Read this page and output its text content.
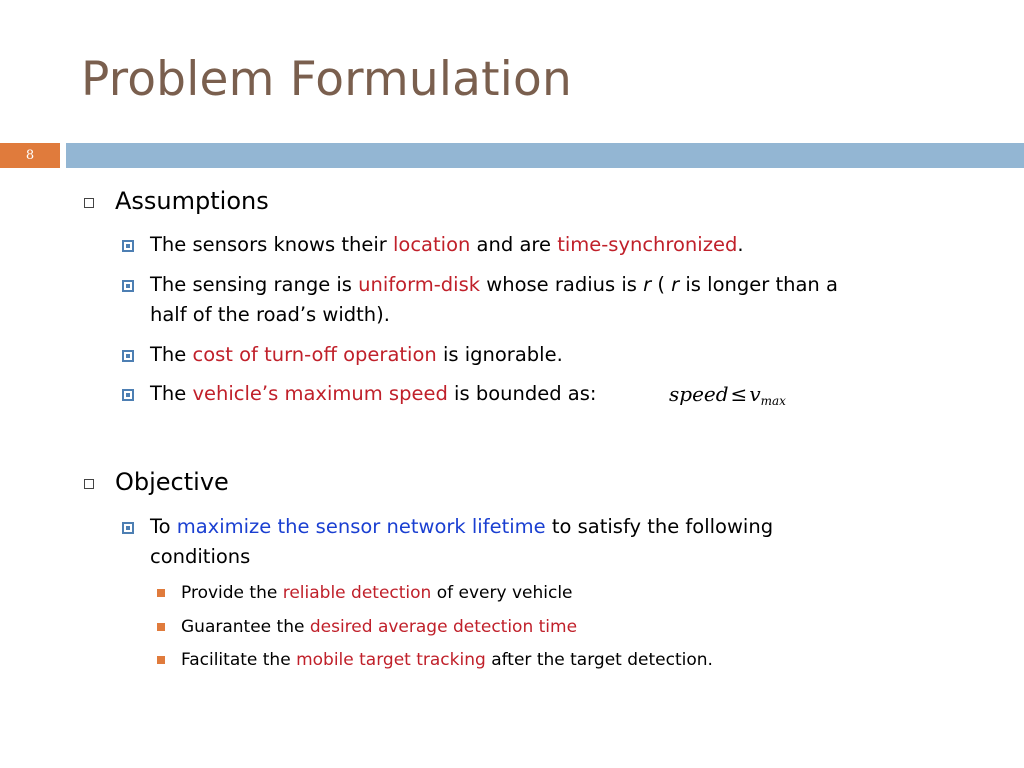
Problem Formulation
8
Assumptions
The sensors knows their location and are time-synchronized.
The sensing range is uniform-disk whose radius is r ( r is longer than a
half of the road’s width).
The cost of turn-off operation is ignorable.
The vehicle’s maximum speed is bounded as:	speed ≤ $v_{max}$
Objective
To maximize the sensor network lifetime to satisfy the following
conditions
Provide the reliable detection of every vehicle
Guarantee the desired average detection time
Facilitate the mobile target tracking after the target detection.
